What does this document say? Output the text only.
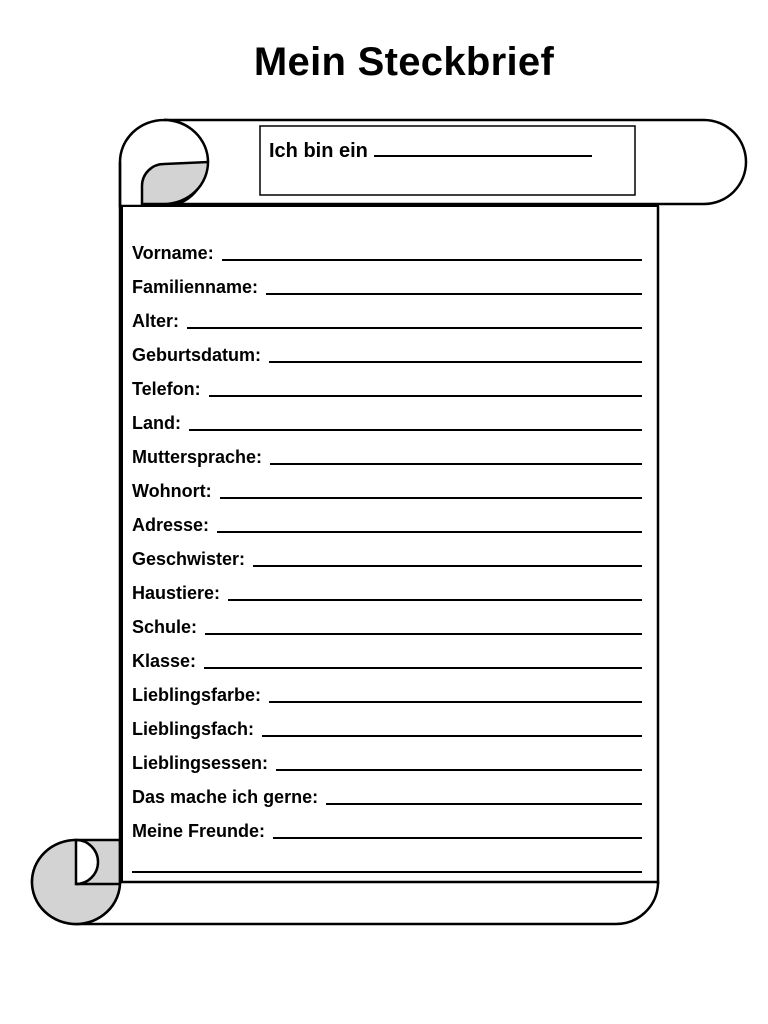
Mein Steckbrief
Ich bin ein
Vorname:
Familienname:
Alter:
Geburtsdatum:
Telefon:
Land:
Muttersprache:
Wohnort:
Adresse:
Geschwister:
Haustiere:
Schule:
Klasse:
Lieblingsfarbe:
Lieblingsfach:
Lieblingsessen:
Das mache ich gerne:
Meine Freunde:
